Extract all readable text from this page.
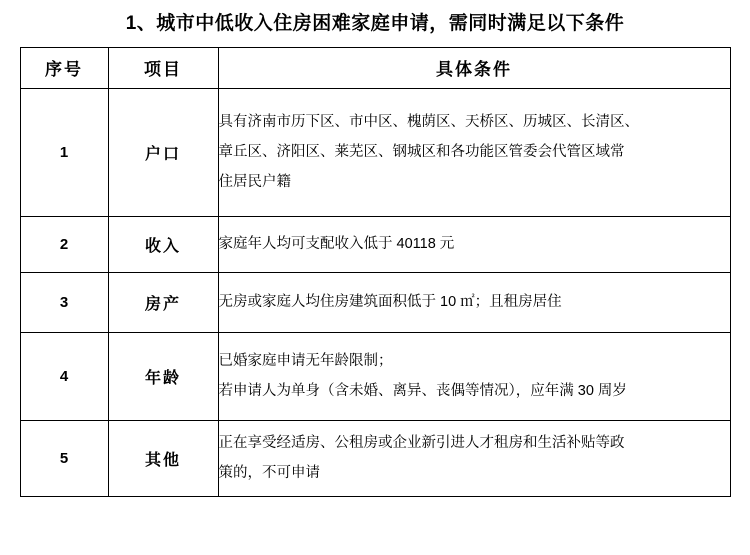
1、城市中低收入住房困难家庭申请，需同时满足以下条件
序号	项目	具体条件
1	户口	具有济南市历下区、市中区、槐荫区、天桥区、历城区、长清区、

章丘区、济阳区、莱芜区、钢城区和各功能区管委会代管区域常

住居民户籍

2	收入	家庭年人均可支配收入低于 40118 元

3	房产	无房或家庭人均住房建筑面积低于 10 ㎡；且租房居住

4	年龄	已婚家庭申请无年龄限制；

若申请人为单身（含未婚、离异、丧偶等情况），应年满 30 周岁

5	其他	正在享受经适房、公租房或企业新引进人才租房和生活补贴等政

策的，不可申请
